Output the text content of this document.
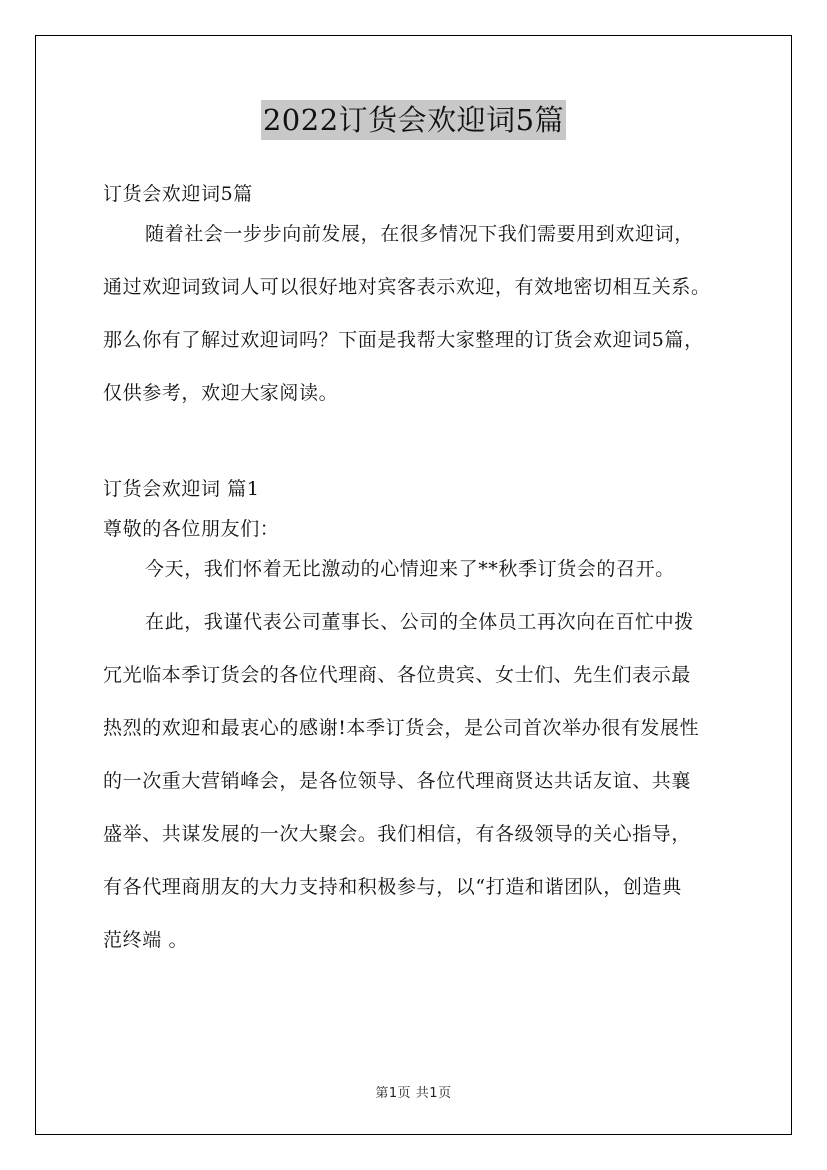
2022订货会欢迎词5篇
订货会欢迎词5篇
随着社会一步步向前发展，在很多情况下我们需要用到欢迎词，
通过欢迎词致词人可以很好地对宾客表示欢迎，有效地密切相互关系。
那么你有了解过欢迎词吗？下面是我帮大家整理的订货会欢迎词5篇，
仅供参考，欢迎大家阅读。
订货会欢迎词 篇1
尊敬的各位朋友们：
今天，我们怀着无比激动的心情迎来了**秋季订货会的召开。
在此，我谨代表公司董事长、公司的全体员工再次向在百忙中拨
冗光临本季订货会的各位代理商、各位贵宾、女士们、先生们表示最
热烈的欢迎和最衷心的感谢!本季订货会，是公司首次举办很有发展性
的一次重大营销峰会，是各位领导、各位代理商贤达共话友谊、共襄
盛举、共谋发展的一次大聚会。我们相信，有各级领导的关心指导，
有各代理商朋友的大力支持和积极参与，以“打造和谐团队，创造典
范终端 。
第1页 共1页
